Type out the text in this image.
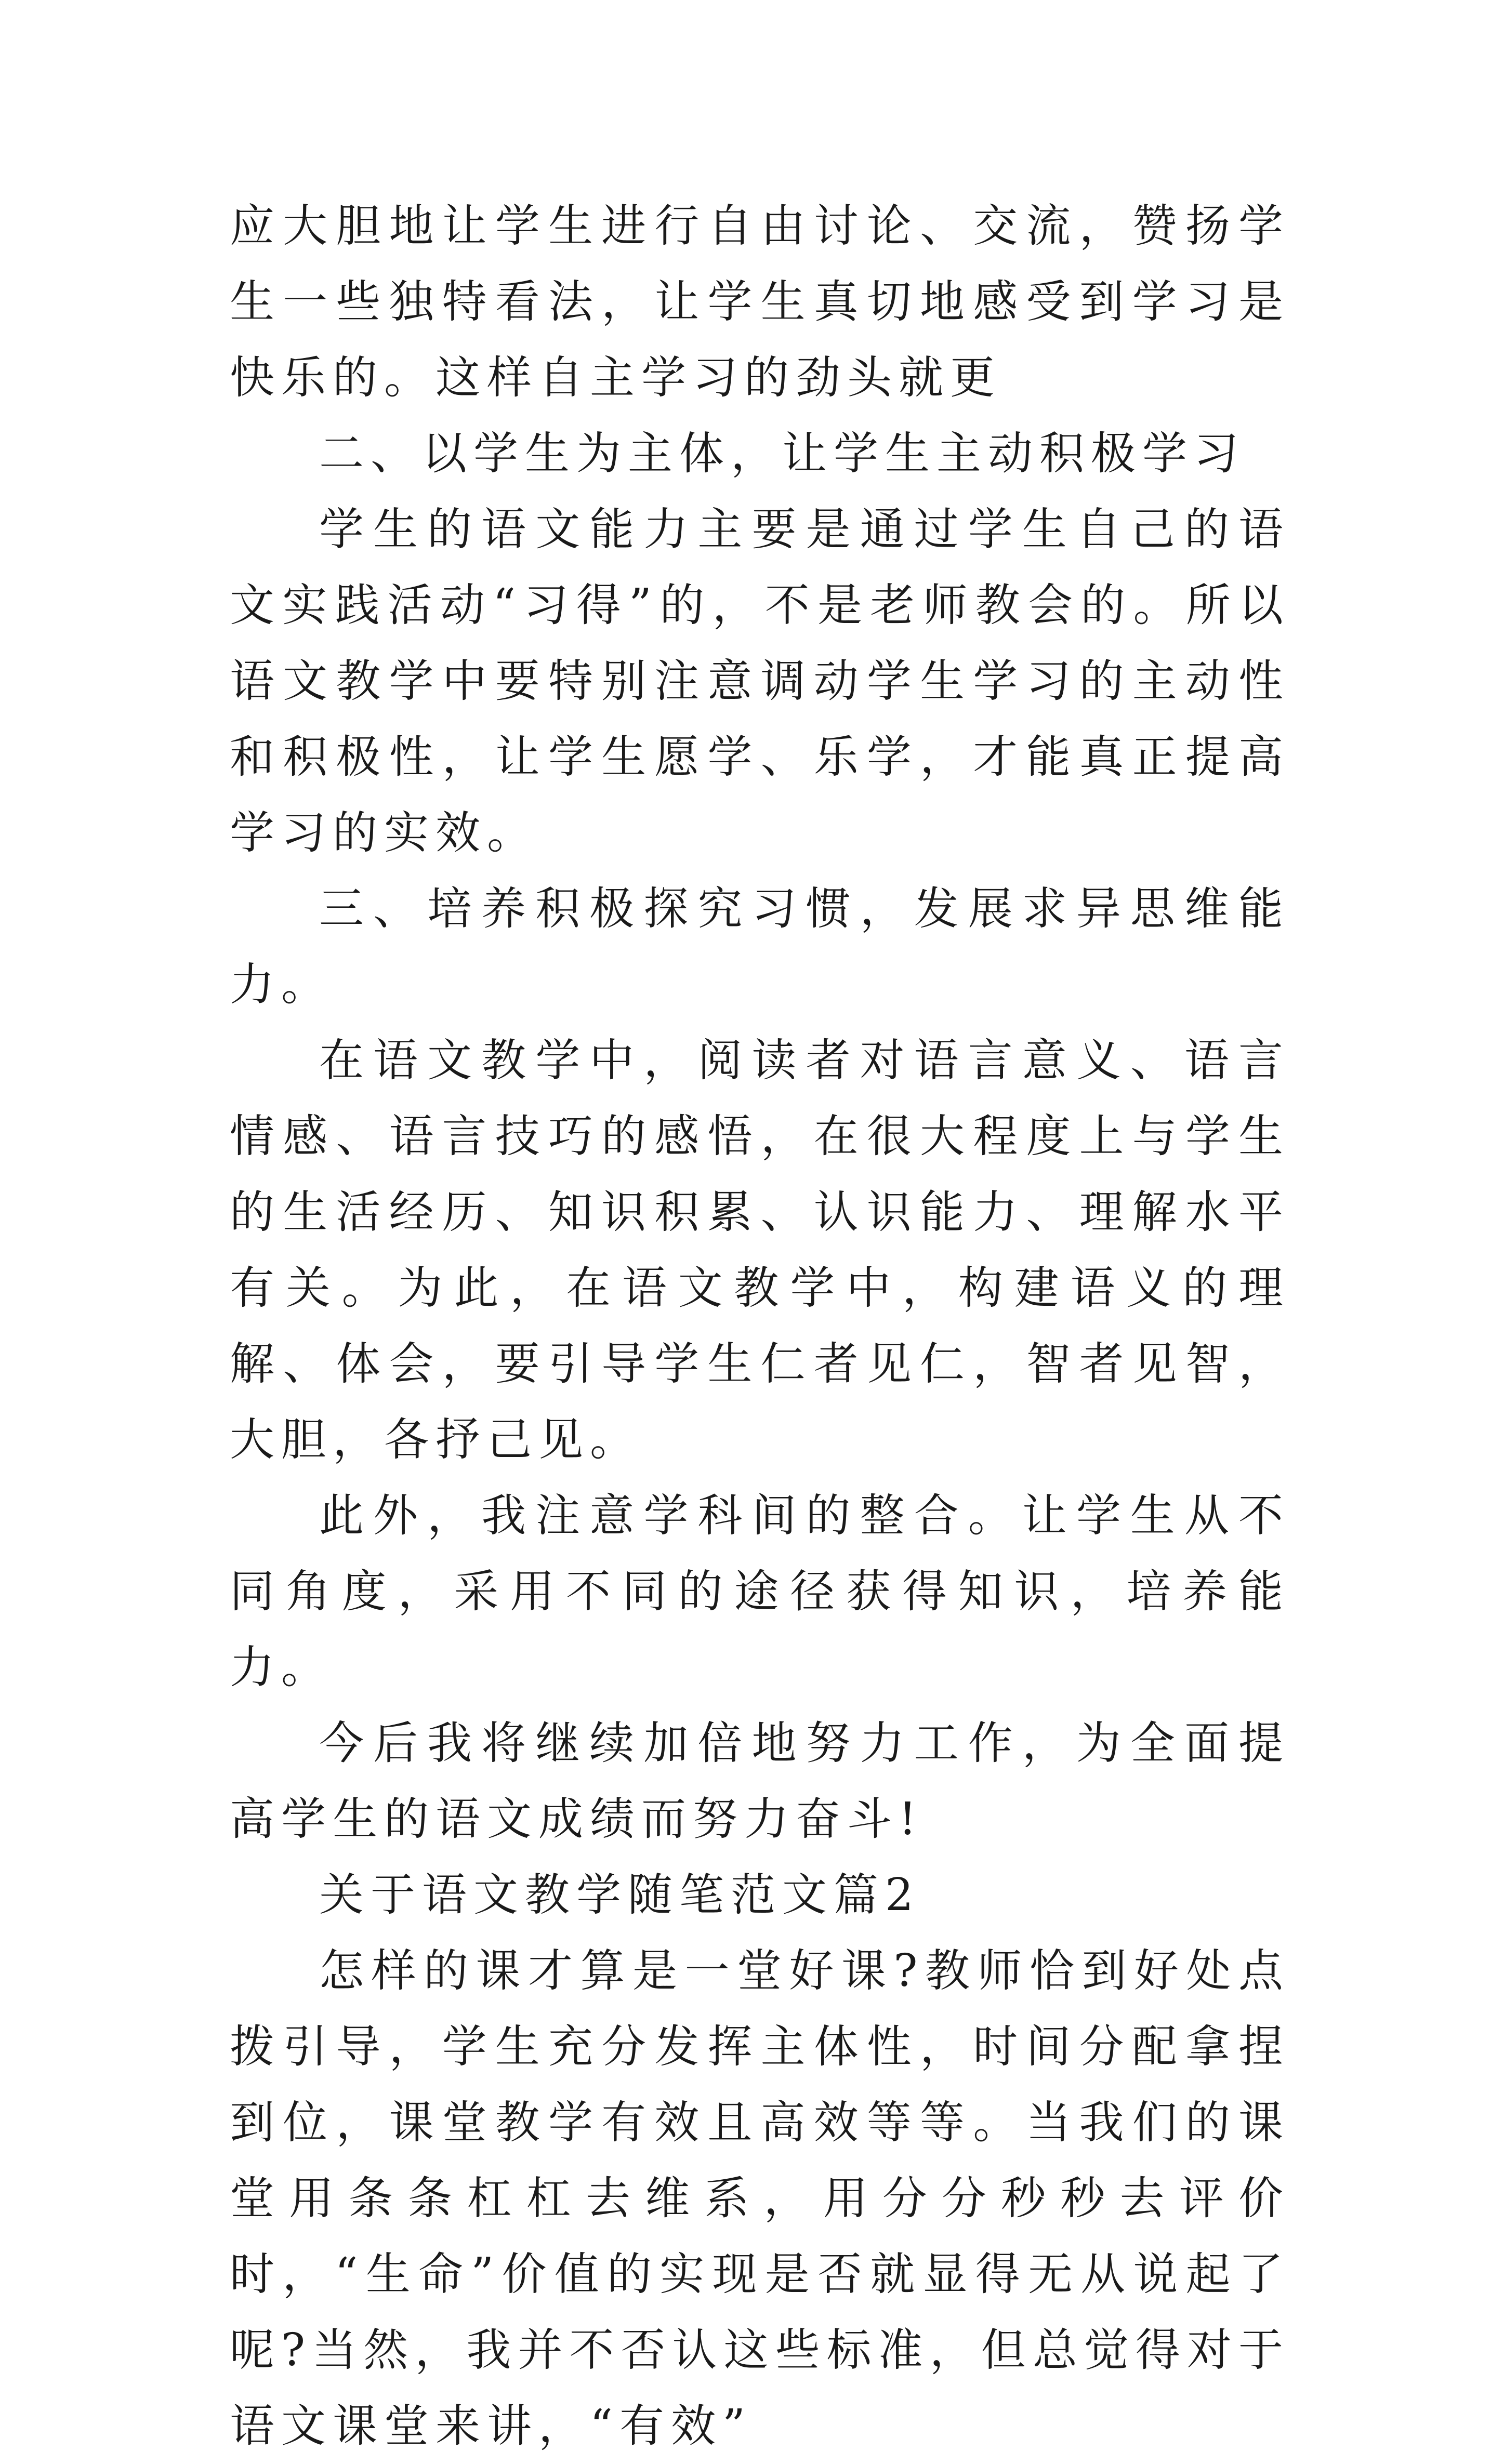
应大胆地让学生进行自由讨论、交流，赞扬学生一些独特看法，让学生真切地感受到学习是快乐的。这样自主学习的劲头就更

二、以学生为主体，让学生主动积极学习

学生的语文能力主要是通过学生自己的语文实践活动“习得”的，不是老师教会的。所以语文教学中要特别注意调动学生学习的主动性和积极性，让学生愿学、乐学，才能真正提高学习的实效。

三、培养积极探究习惯，发展求异思维能力。

在语文教学中，阅读者对语言意义、语言情感、语言技巧的感悟，在很大程度上与学生的生活经历、知识积累、认识能力、理解水平有关。为此，在语文教学中，构建语义的理解、体会，要引导学生仁者见仁，智者见智，大胆，各抒己见。

此外，我注意学科间的整合。让学生从不同角度，采用不同的途径获得知识，培养能力。

今后我将继续加倍地努力工作，为全面提高学生的语文成绩而努力奋斗!

关于语文教学随笔范文篇2

怎样的课才算是一堂好课?教师恰到好处点拨引导，学生充分发挥主体性，时间分配拿捏到位，课堂教学有效且高效等等。当我们的课堂用条条杠杠去维系，用分分秒秒去评价时，“生命”价值的实现是否就显得无从说起了呢?当然，我并不否认这些标准，但总觉得对于语文课堂来讲，“有效”
